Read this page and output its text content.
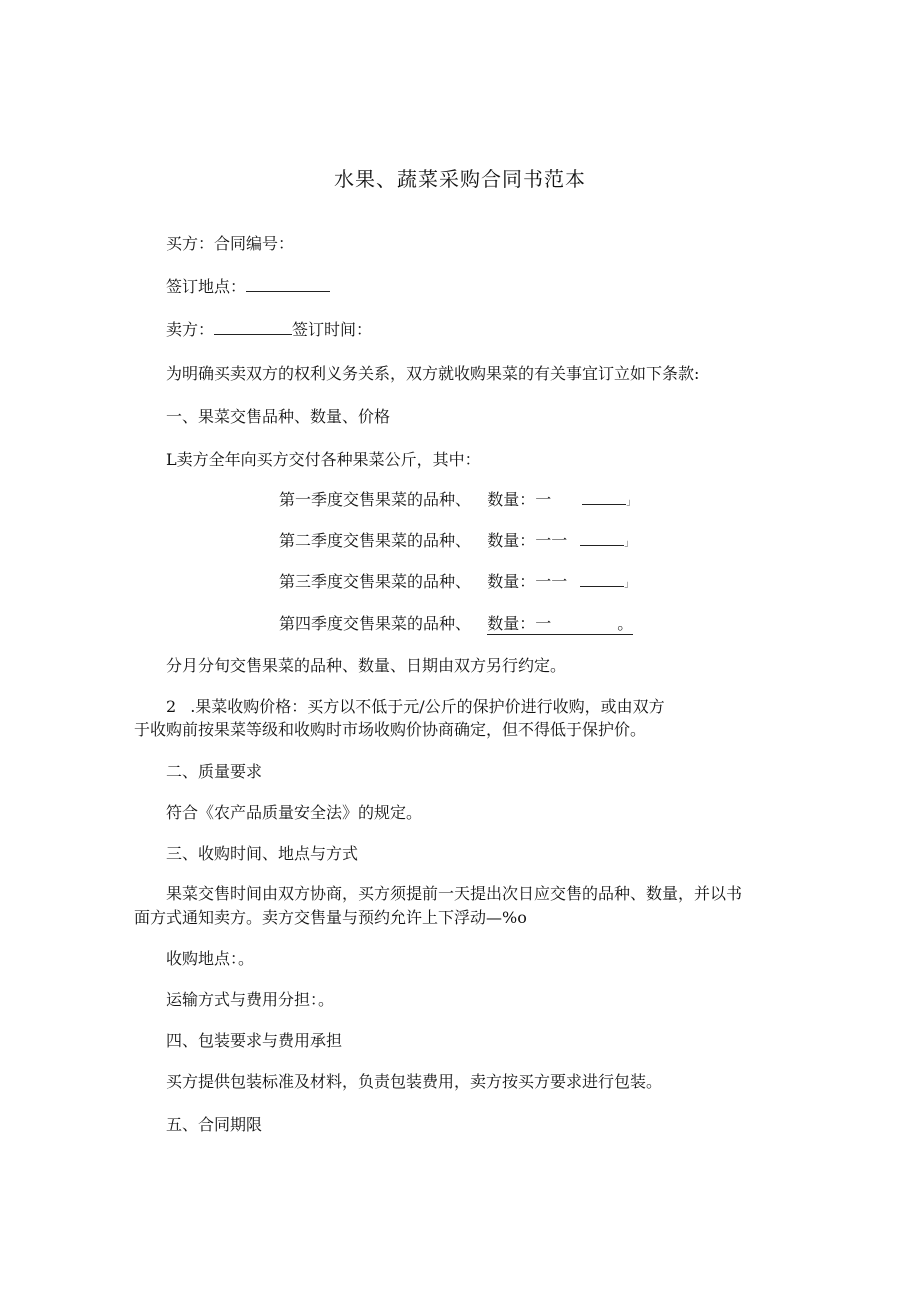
水果、蔬菜采购合同书范本
买方：合同编号：
签订地点：
卖方：	签订时间：
为明确买卖双方的权利义务关系，双方就收购果菜的有关事宜订立如下条款:
一、果菜交售品种、数量、价格
L卖方全年向买方交付各种果菜公斤，其中：
第一季度交售果菜的品种、 数量：一	」
第二季度交售果菜的品种、 数量：一一	」
第三季度交售果菜的品种、 数量：一一	」
第四季度交售果菜的品种、 数量：一	。
分月分旬交售果菜的品种、数量、日期由双方另行约定。
2 .果菜收购价格：买方以不低于元/公斤的保护价进行收购，或由双方
于收购前按果菜等级和收购时市场收购价协商确定，但不得低于保护价。
二、质量要求
符合《农产品质量安全法》的规定。
三、收购时间、地点与方式
果菜交售时间由双方协商，买方须提前一天提出次日应交售的品种、数量，并以书
面方式通知卖方。卖方交售量与预约允许上下浮动—%o
收购地点：。
运输方式与费用分担：。
四、包装要求与费用承担
买方提供包装标准及材料，负责包装费用，卖方按买方要求进行包装。
五、合同期限
